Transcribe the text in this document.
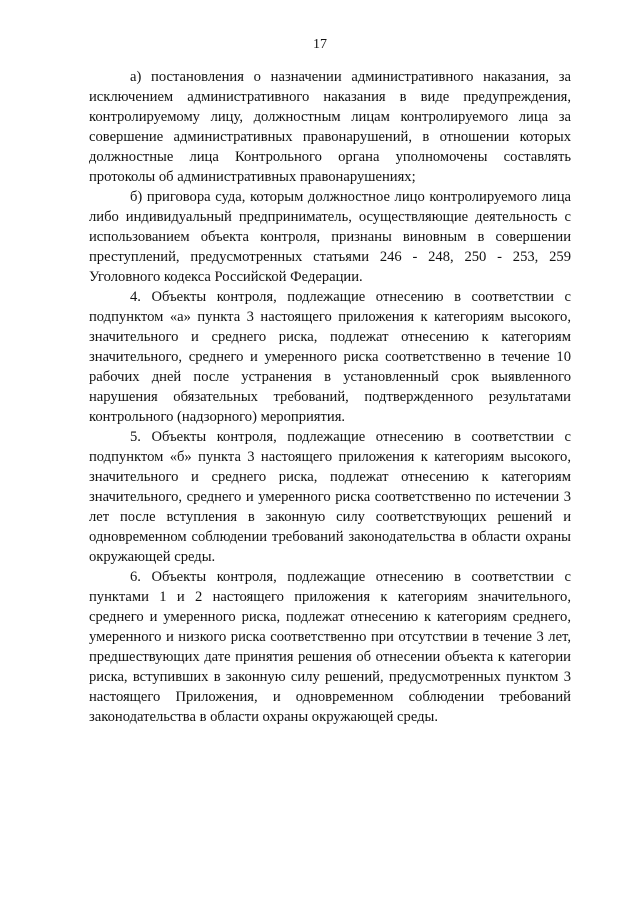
17

а) постановления о назначении административного наказания, за исключением административного наказания в виде предупреждения, контролируемому лицу, должностным лицам контролируемого лица за совершение административных правонарушений, в отношении которых должностные лица Контрольного органа уполномочены составлять протоколы об административных правонарушениях;

б) приговора суда, которым должностное лицо контролируемого лица либо индивидуальный предприниматель, осуществляющие деятельность с использованием объекта контроля, признаны виновным в совершении преступлений, предусмотренных статьями 246 - 248, 250 - 253, 259 Уголовного кодекса Российской Федерации.

4. Объекты контроля, подлежащие отнесению в соответствии с подпунктом «а» пункта 3 настоящего приложения к категориям высокого, значительного и среднего риска, подлежат отнесению к категориям значительного, среднего и умеренного риска соответственно в течение 10 рабочих дней после устранения в установленный срок выявленного нарушения обязательных требований, подтвержденного результатами контрольного (надзорного) мероприятия.

5. Объекты контроля, подлежащие отнесению в соответствии с подпунктом «б» пункта 3 настоящего приложения к категориям высокого, значительного и среднего риска, подлежат отнесению к категориям значительного, среднего и умеренного риска соответственно по истечении 3 лет после вступления в законную силу соответствующих решений и одновременном соблюдении требований законодательства в области охраны окружающей среды.

6. Объекты контроля, подлежащие отнесению в соответствии с пунктами 1 и 2 настоящего приложения к категориям значительного, среднего и умеренного риска, подлежат отнесению к категориям среднего, умеренного и низкого риска соответственно при отсутствии в течение 3 лет, предшествующих дате принятия решения об отнесении объекта к категории риска, вступивших в законную силу решений, предусмотренных пунктом 3 настоящего Приложения, и одновременном соблюдении требований законодательства в области охраны окружающей среды.
